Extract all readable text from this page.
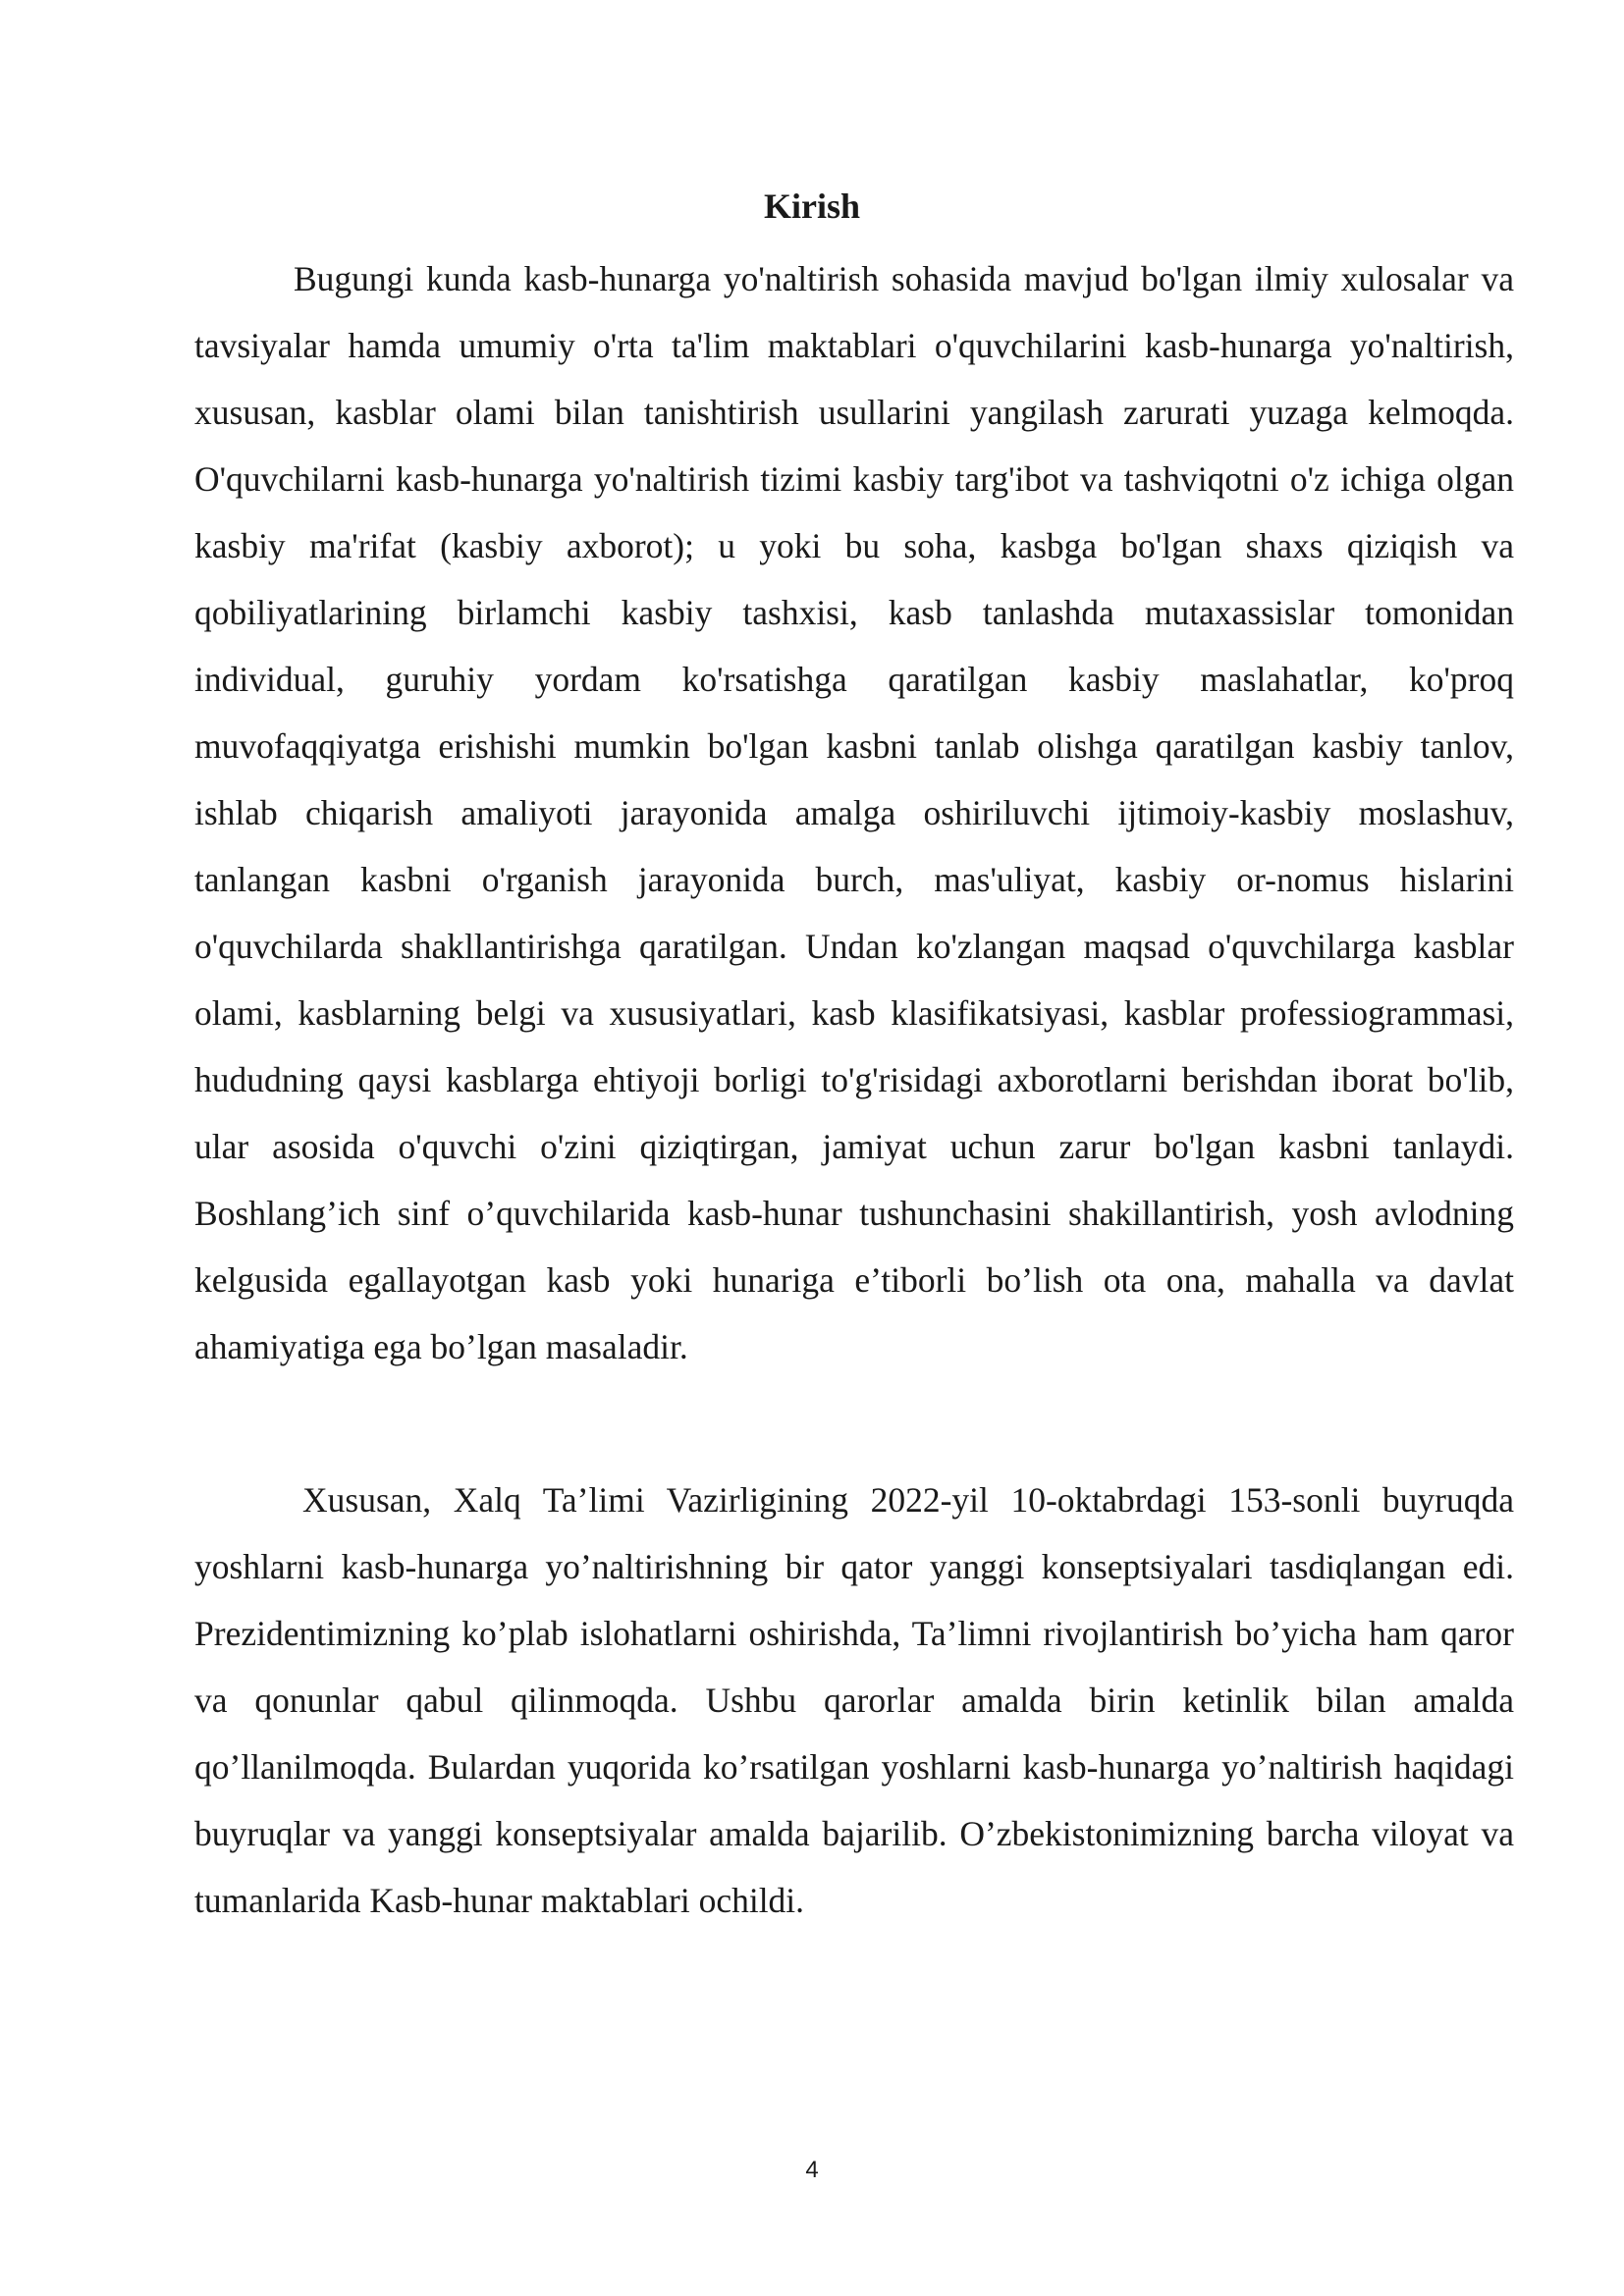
Kirish

Bugungi kunda kasb-hunarga yo'naltirish sohasida mavjud bo'lgan ilmiy xulosalar va tavsiyalar hamda umumiy o'rta ta'lim maktablari o'quvchilarini kasb-hunarga yo'naltirish, xususan, kasblar olami bilan tanishtirish usullarini yangilash zarurati yuzaga kelmoqda. O'quvchilarni kasb-hunarga yo'naltirish tizimi kasbiy targ'ibot va tashviqotni o'z ichiga olgan kasbiy ma'rifat (kasbiy axborot); u yoki bu soha, kasbga bo'lgan shaxs qiziqish va qobiliyatlarining birlamchi kasbiy tashxisi, kasb tanlashda mutaxassislar tomonidan individual, guruhiy yordam ko'rsatishga qaratilgan kasbiy maslahatlar, ko'proq muvofaqqiyatga erishishi mumkin bo'lgan kasbni tanlab olishga qaratilgan kasbiy tanlov, ishlab chiqarish amaliyoti jarayonida amalga oshiriluvchi ijtimoiy-kasbiy moslashuv, tanlangan kasbni o'rganish jarayonida burch, mas'uliyat, kasbiy or-nomus hislarini o'quvchilarda shakllantirishga qaratilgan. Undan ko'zlangan maqsad o'quvchilarga kasblar olami, kasblarning belgi va xususiyatlari, kasb klasifikatsiyasi, kasblar professiogrammasi, hududning qaysi kasblarga ehtiyoji borligi to'g'risidagi axborotlarni berishdan iborat bo'lib, ular asosida o'quvchi o'zini qiziqtirgan, jamiyat uchun zarur bo'lgan kasbni tanlaydi. Boshlang’ich sinf o’quvchilarida kasb-hunar tushunchasini shakillantirish, yosh avlodning kelgusida egallayotgan kasb yoki hunariga e’tiborli bo’lish ota ona, mahalla va davlat ahamiyatiga ega bo’lgan masaladir.

Xususan, Xalq Ta’limi Vazirligining 2022-yil 10-oktabrdagi 153-sonli buyruqda yoshlarni kasb-hunarga yo’naltirishning bir qator yanggi konseptsiyalari tasdiqlangan edi. Prezidentimizning ko’plab islohatlarni oshirishda, Ta’limni rivojlantirish bo’yicha ham qaror va qonunlar qabul qilinmoqda. Ushbu qarorlar amalda birin ketinlik bilan amalda qo’llanilmoqda. Bulardan yuqorida ko’rsatilgan yoshlarni kasb-hunarga yo’naltirish haqidagi buyruqlar va yanggi konseptsiyalar amalda bajarilib. O’zbekistonimizning barcha viloyat va tumanlarida Kasb-hunar maktablari ochildi.

4
